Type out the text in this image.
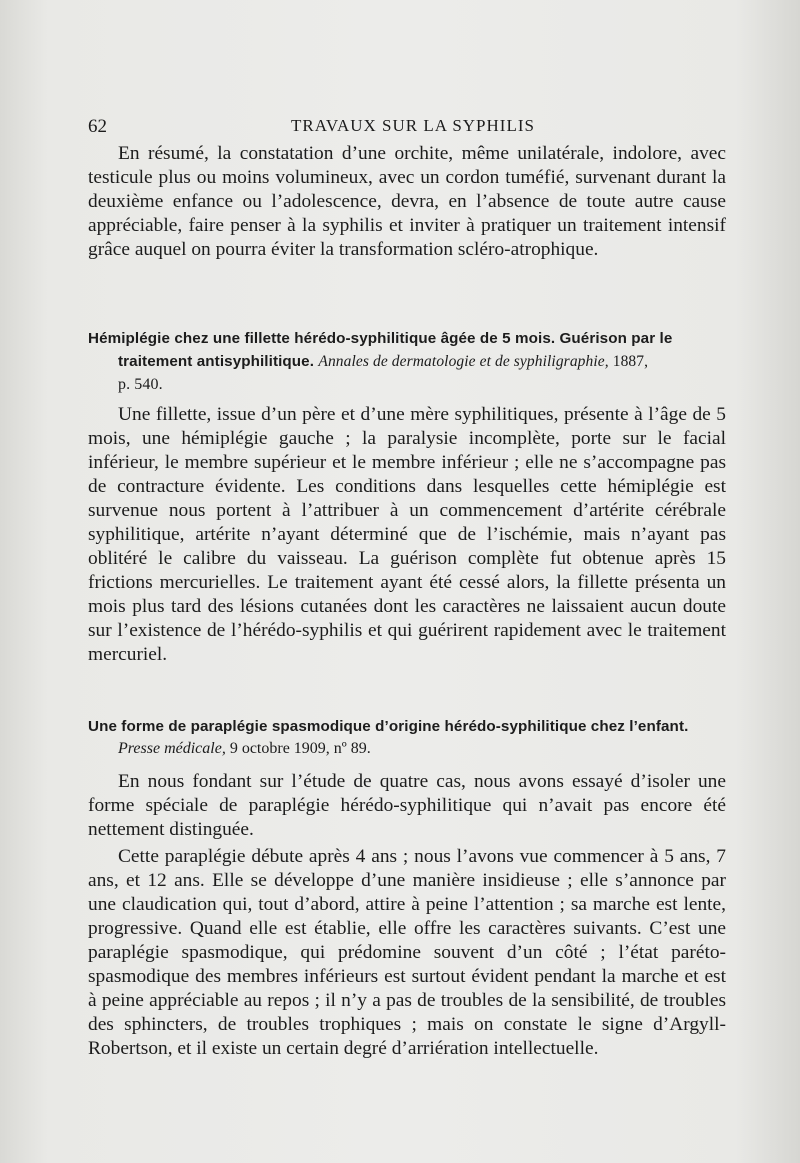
62	TRAVAUX SUR LA SYPHILIS

En résumé, la constatation d’une orchite, même unilatérale, indolore, avec testicule plus ou moins volumineux, avec un cordon tuméfié, survenant durant la deuxième enfance ou l’adolescence, devra, en l’absence de toute autre cause appréciable, faire penser à la syphilis et inviter à pratiquer un traitement intensif grâce auquel on pourra éviter la transformation scléro-atrophique.

Hémiplégie chez une fillette hérédo-syphilitique âgée de 5 mois. Guérison par le
traitement antisyphilitique. Annales de dermatologie et de syphiligraphie, 1887,
p. 540.

Une fillette, issue d’un père et d’une mère syphilitiques, présente à l’âge de 5 mois, une hémiplégie gauche ; la paralysie incomplète, porte sur le facial inférieur, le membre supérieur et le membre inférieur ; elle ne s’accompagne pas de contracture évidente. Les conditions dans lesquelles cette hémiplégie est survenue nous portent à l’attribuer à un commencement d’artérite cérébrale syphilitique, artérite n’ayant déterminé que de l’ischémie, mais n’ayant pas oblitéré le calibre du vaisseau. La guérison complète fut obtenue après 15 frictions mercurielles. Le traitement ayant été cessé alors, la fillette présenta un mois plus tard des lésions cutanées dont les caractères ne laissaient aucun doute sur l’existence de l’hérédo-syphilis et qui guérirent rapidement avec le traitement mercuriel.

Une forme de paraplégie spasmodique d’origine hérédo-syphilitique chez l’enfant.
Presse médicale, 9 octobre 1909, nº 89.

En nous fondant sur l’étude de quatre cas, nous avons essayé d’isoler une forme spéciale de paraplégie hérédo-syphilitique qui n’avait pas encore été nettement distinguée.

Cette paraplégie débute après 4 ans ; nous l’avons vue commencer à 5 ans, 7 ans, et 12 ans. Elle se développe d’une manière insidieuse ; elle s’annonce par une claudication qui, tout d’abord, attire à peine l’attention ; sa marche est lente, progressive. Quand elle est établie, elle offre les caractères suivants. C’est une paraplégie spasmodique, qui prédomine souvent d’un côté ; l’état paréto-spasmodique des membres inférieurs est surtout évident pendant la marche et est à peine appréciable au repos ; il n’y a pas de troubles de la sensibilité, de troubles des sphincters, de troubles trophiques ; mais on constate le signe d’Argyll-Robertson, et il existe un certain degré d’arriération intellectuelle.
